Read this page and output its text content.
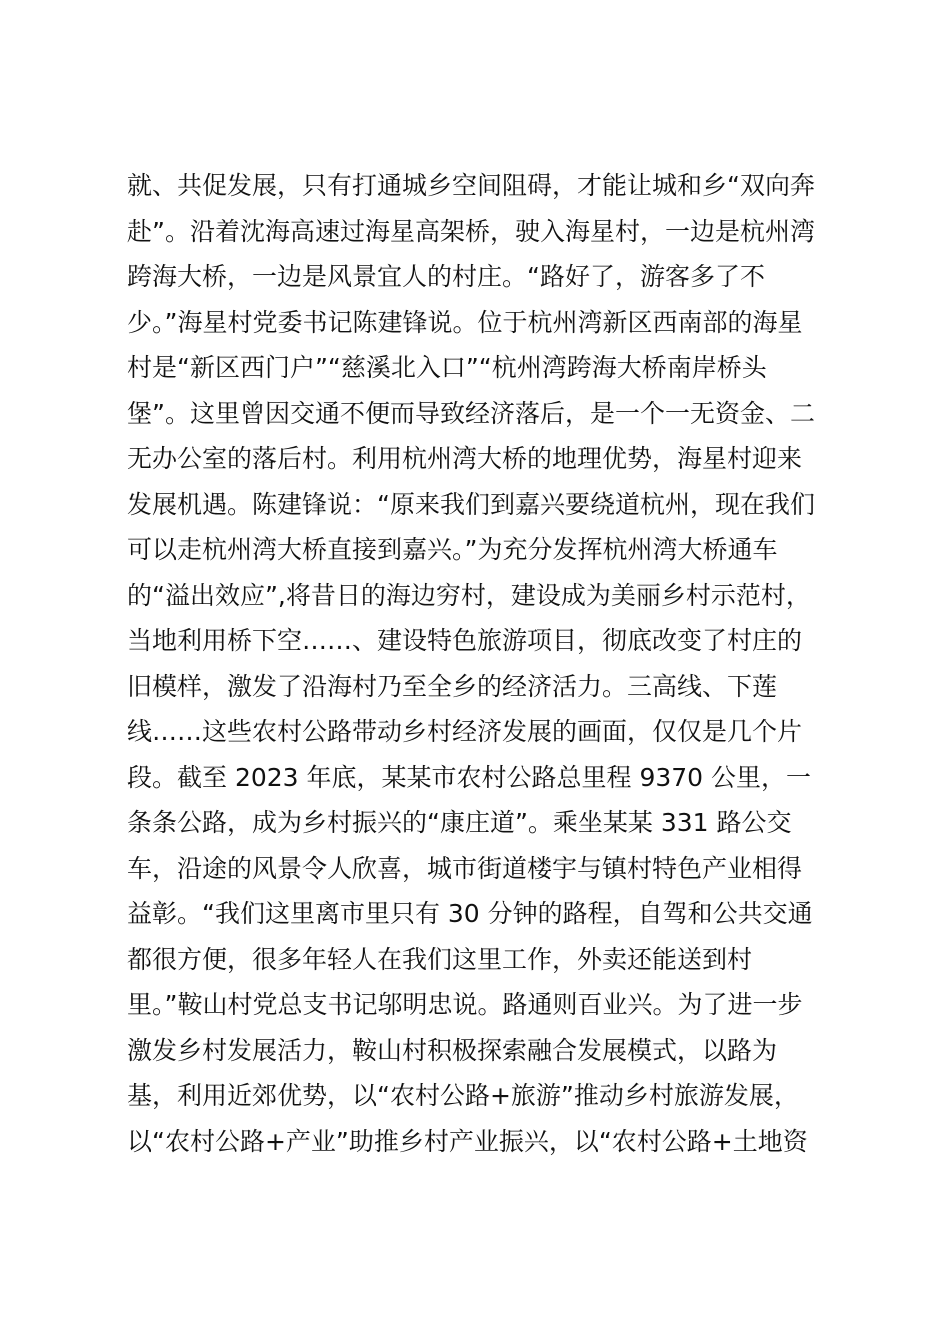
就、共促发展，只有打通城乡空间阻碍，才能让城和乡“双向奔
赴”。沿着沈海高速过海星高架桥，驶入海星村，一边是杭州湾
跨海大桥，一边是风景宜人的村庄。“路好了，游客多了不
少。”海星村党委书记陈建锋说。位于杭州湾新区西南部的海星
村是“新区西门户”“慈溪北入口”“杭州湾跨海大桥南岸桥头
堡”。这里曾因交通不便而导致经济落后，是一个一无资金、二
无办公室的落后村。利用杭州湾大桥的地理优势，海星村迎来
发展机遇。陈建锋说：“原来我们到嘉兴要绕道杭州，现在我们
可以走杭州湾大桥直接到嘉兴。”为充分发挥杭州湾大桥通车
的“溢出效应”,将昔日的海边穷村，建设成为美丽乡村示范村，
当地利用桥下空……、建设特色旅游项目，彻底改变了村庄的
旧模样，激发了沿海村乃至全乡的经济活力。三高线、下莲
线……这些农村公路带动乡村经济发展的画面，仅仅是几个片
段。截至 2023 年底，某某市农村公路总里程 9370 公里，一
条条公路，成为乡村振兴的“康庄道”。乘坐某某 331 路公交
车，沿途的风景令人欣喜，城市街道楼宇与镇村特色产业相得
益彰。“我们这里离市里只有 30 分钟的路程，自驾和公共交通
都很方便，很多年轻人在我们这里工作，外卖还能送到村
里。”鞍山村党总支书记邬明忠说。路通则百业兴。为了进一步
激发乡村发展活力，鞍山村积极探索融合发展模式，以路为
基，利用近郊优势，以“农村公路+旅游”推动乡村旅游发展，
以“农村公路+产业”助推乡村产业振兴，以“农村公路+土地资
